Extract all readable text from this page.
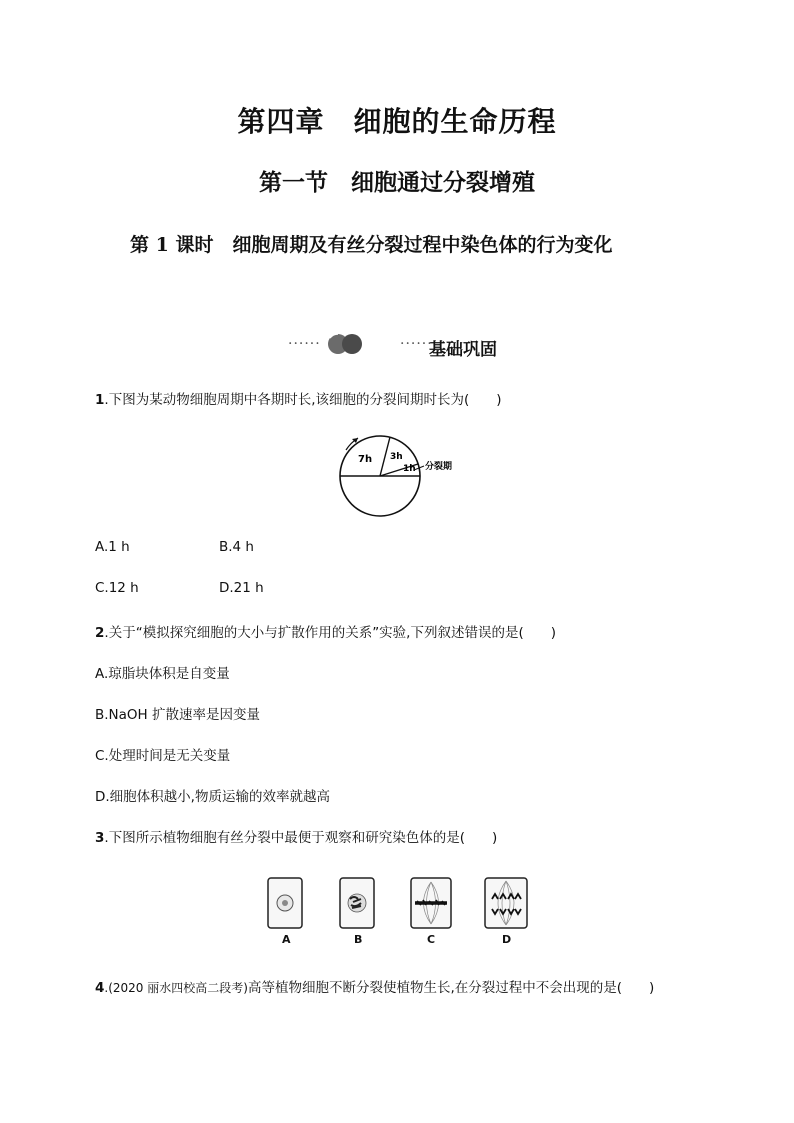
第四章　细胞的生命历程
第一节　细胞通过分裂增殖
第 1 课时　细胞周期及有丝分裂过程中染色体的行为变化
······	······
基础巩固
1.下图为某动物细胞周期中各期时长,该细胞的分裂间期时长为(　　)
7h 3h
1h 分裂期
A.1 h	B.4 h
C.12 h	D.21 h
2.关于“模拟探究细胞的大小与扩散作用的关系”实验,下列叙述错误的是(　　)
A.琼脂块体积是自变量
B.NaOH 扩散速率是因变量
C.处理时间是无关变量
D.细胞体积越小,物质运输的效率就越高
3.下图所示植物细胞有丝分裂中最便于观察和研究染色体的是(　　)
A	B	C	D
4.(2020 丽水四校高二段考)高等植物细胞不断分裂使植物生长,在分裂过程中不会出现的是(　　)
